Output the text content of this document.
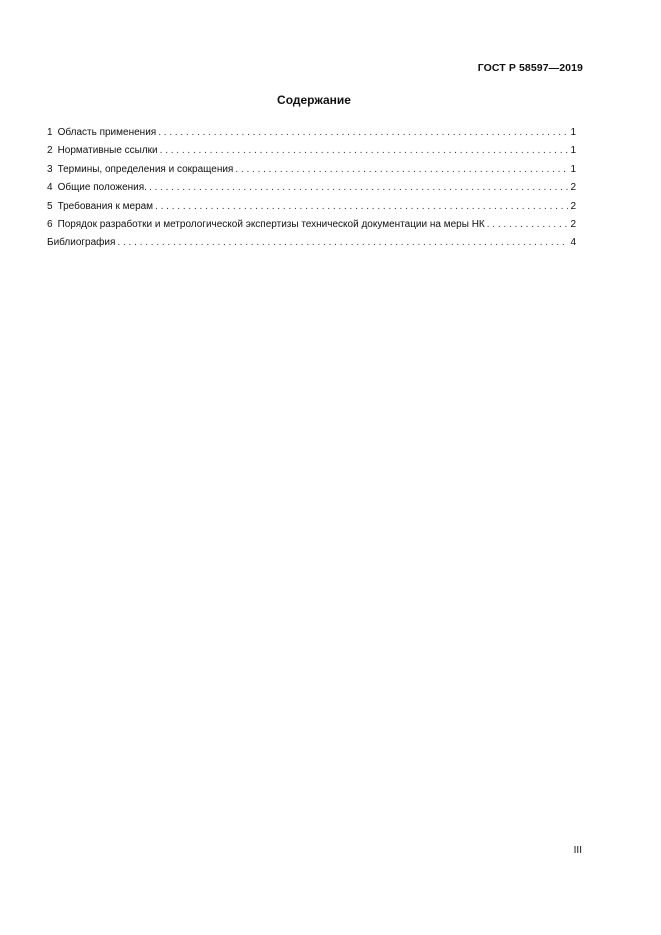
ГОСТ Р 58597—2019
Содержание
1 Область применения . . .	1
2 Нормативные ссылки . . .	1
3 Термины, определения и сокращения . . .	1
4 Общие положения. . . .	2
5 Требования к мерам . . .	2
6 Порядок разработки и метрологической экспертизы технической документации на меры НК . . .	2
Библиография . . .	4
III
